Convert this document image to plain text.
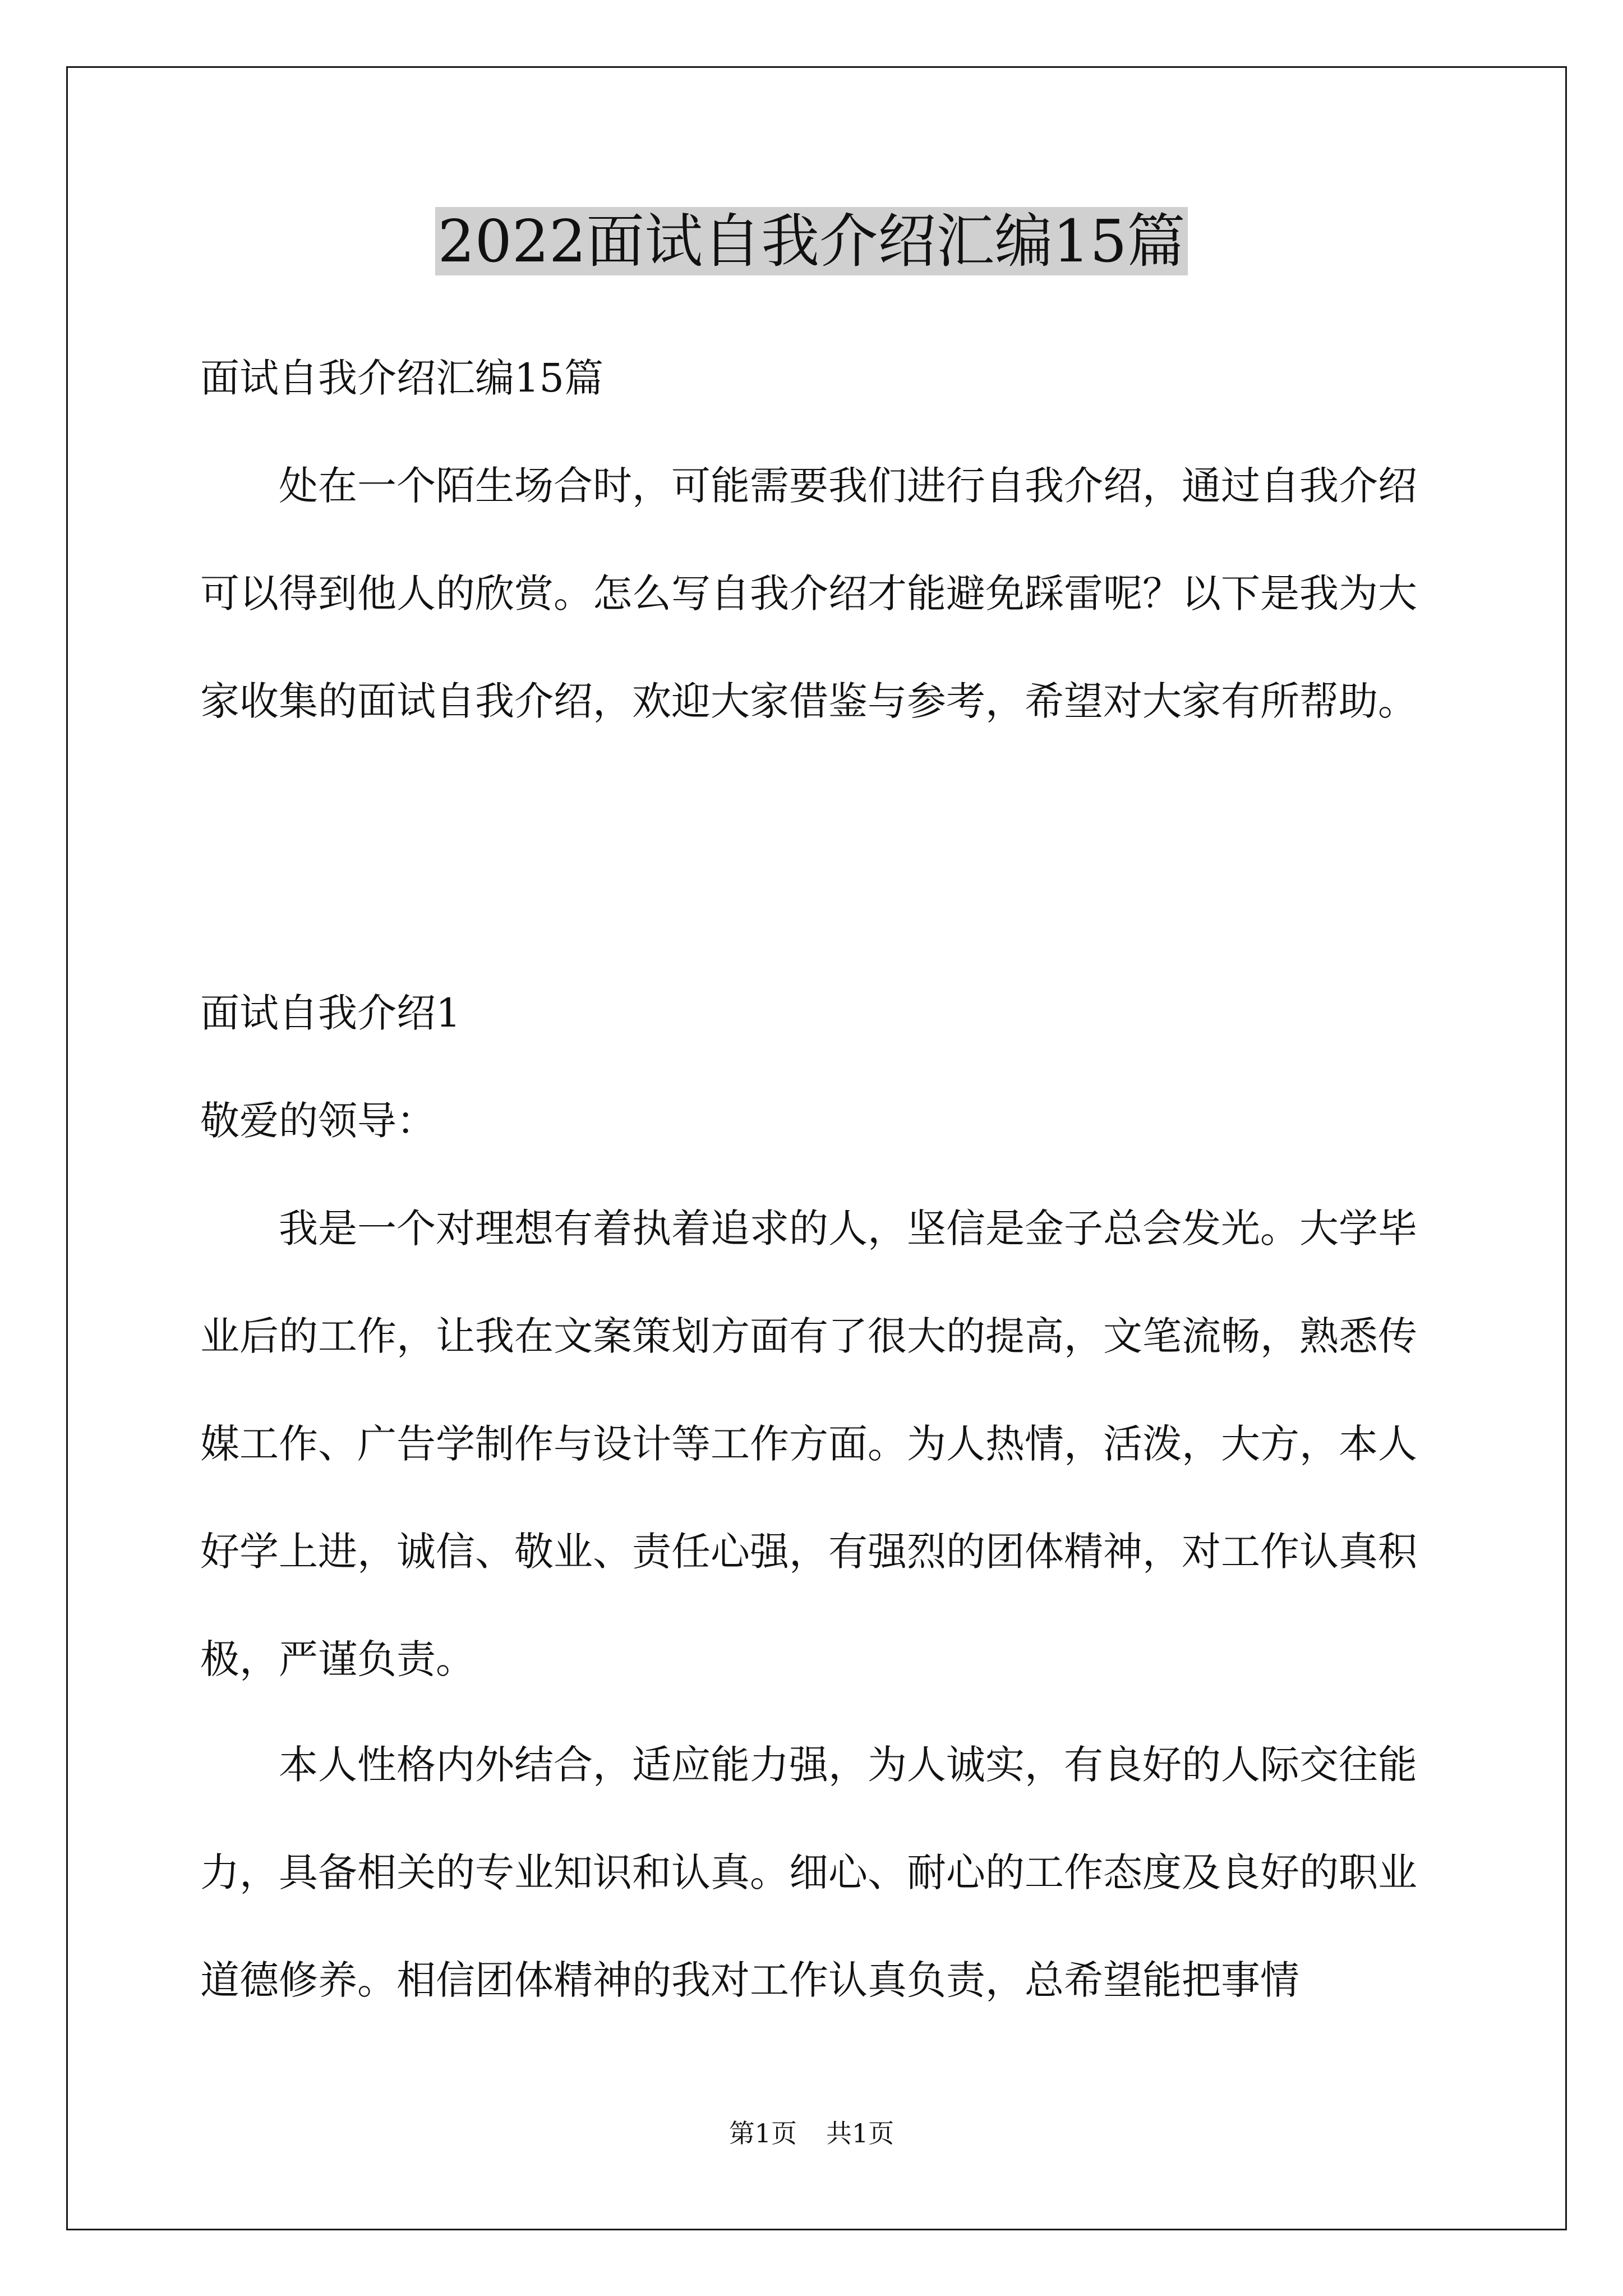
2022面试自我介绍汇编15篇

面试自我介绍汇编15篇

处在一个陌生场合时，可能需要我们进行自我介绍，通过自我介绍可以得到他人的欣赏。怎么写自我介绍才能避免踩雷呢？以下是我为大家收集的面试自我介绍，欢迎大家借鉴与参考，希望对大家有所帮助。

面试自我介绍1

敬爱的领导：

我是一个对理想有着执着追求的人，坚信是金子总会发光。大学毕业后的工作，让我在文案策划方面有了很大的提高，文笔流畅，熟悉传媒工作、广告学制作与设计等工作方面。为人热情，活泼，大方，本人好学上进，诚信、敬业、责任心强，有强烈的团体精神，对工作认真积极，严谨负责。

本人性格内外结合，适应能力强，为人诚实，有良好的人际交往能力，具备相关的专业知识和认真。细心、耐心的工作态度及良好的职业道德修养。相信团体精神的我对工作认真负责，总希望能把事情

第1页 共1页
